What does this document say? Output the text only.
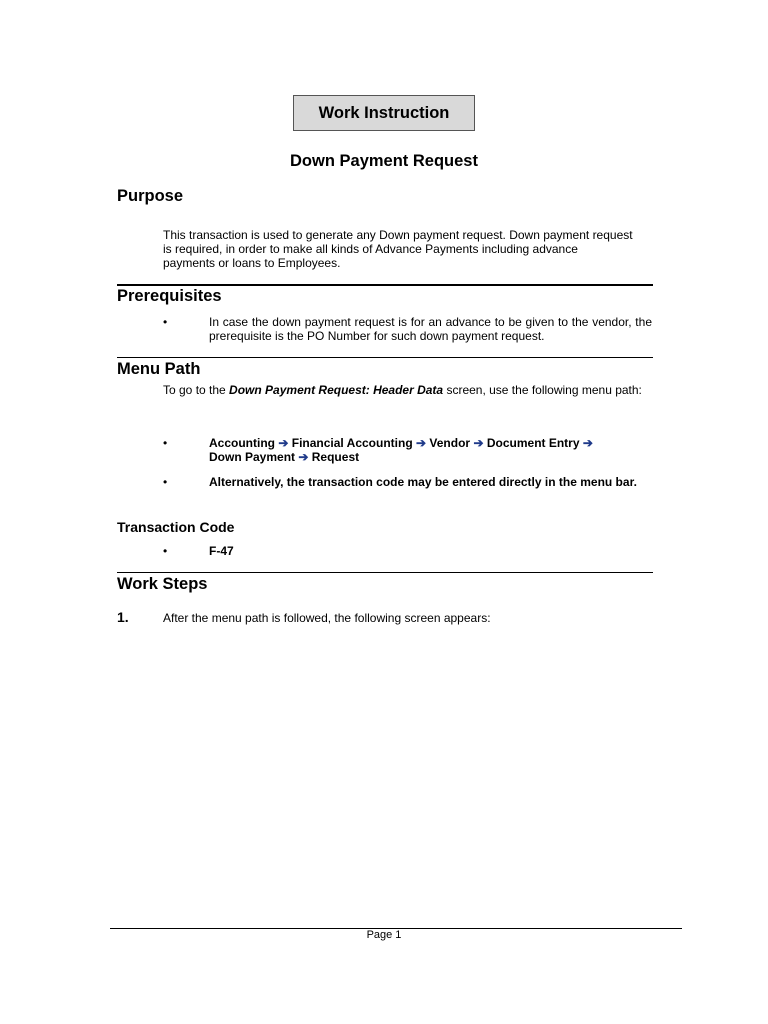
Work Instruction
Down Payment Request
Purpose

This transaction is used to generate any Down payment request. Down payment request is required, in order to make all kinds of Advance Payments including advance payments or loans to Employees.

Prerequisites
•	In case the down payment request is for an advance to be given to the vendor, the prerequisite is the PO Number for such down payment request.

Menu Path

To go to the Down Payment Request: Header Data screen, use the following menu path:

•	Accounting ➔ Financial Accounting ➔ Vendor ➔ Document Entry ➔
Down Payment ➔ Request

•	Alternatively, the transaction code may be entered directly in the menu bar.

Transaction Code
•	F-47
Work Steps
1.	After the menu path is followed, the following screen appears:

Page 1
